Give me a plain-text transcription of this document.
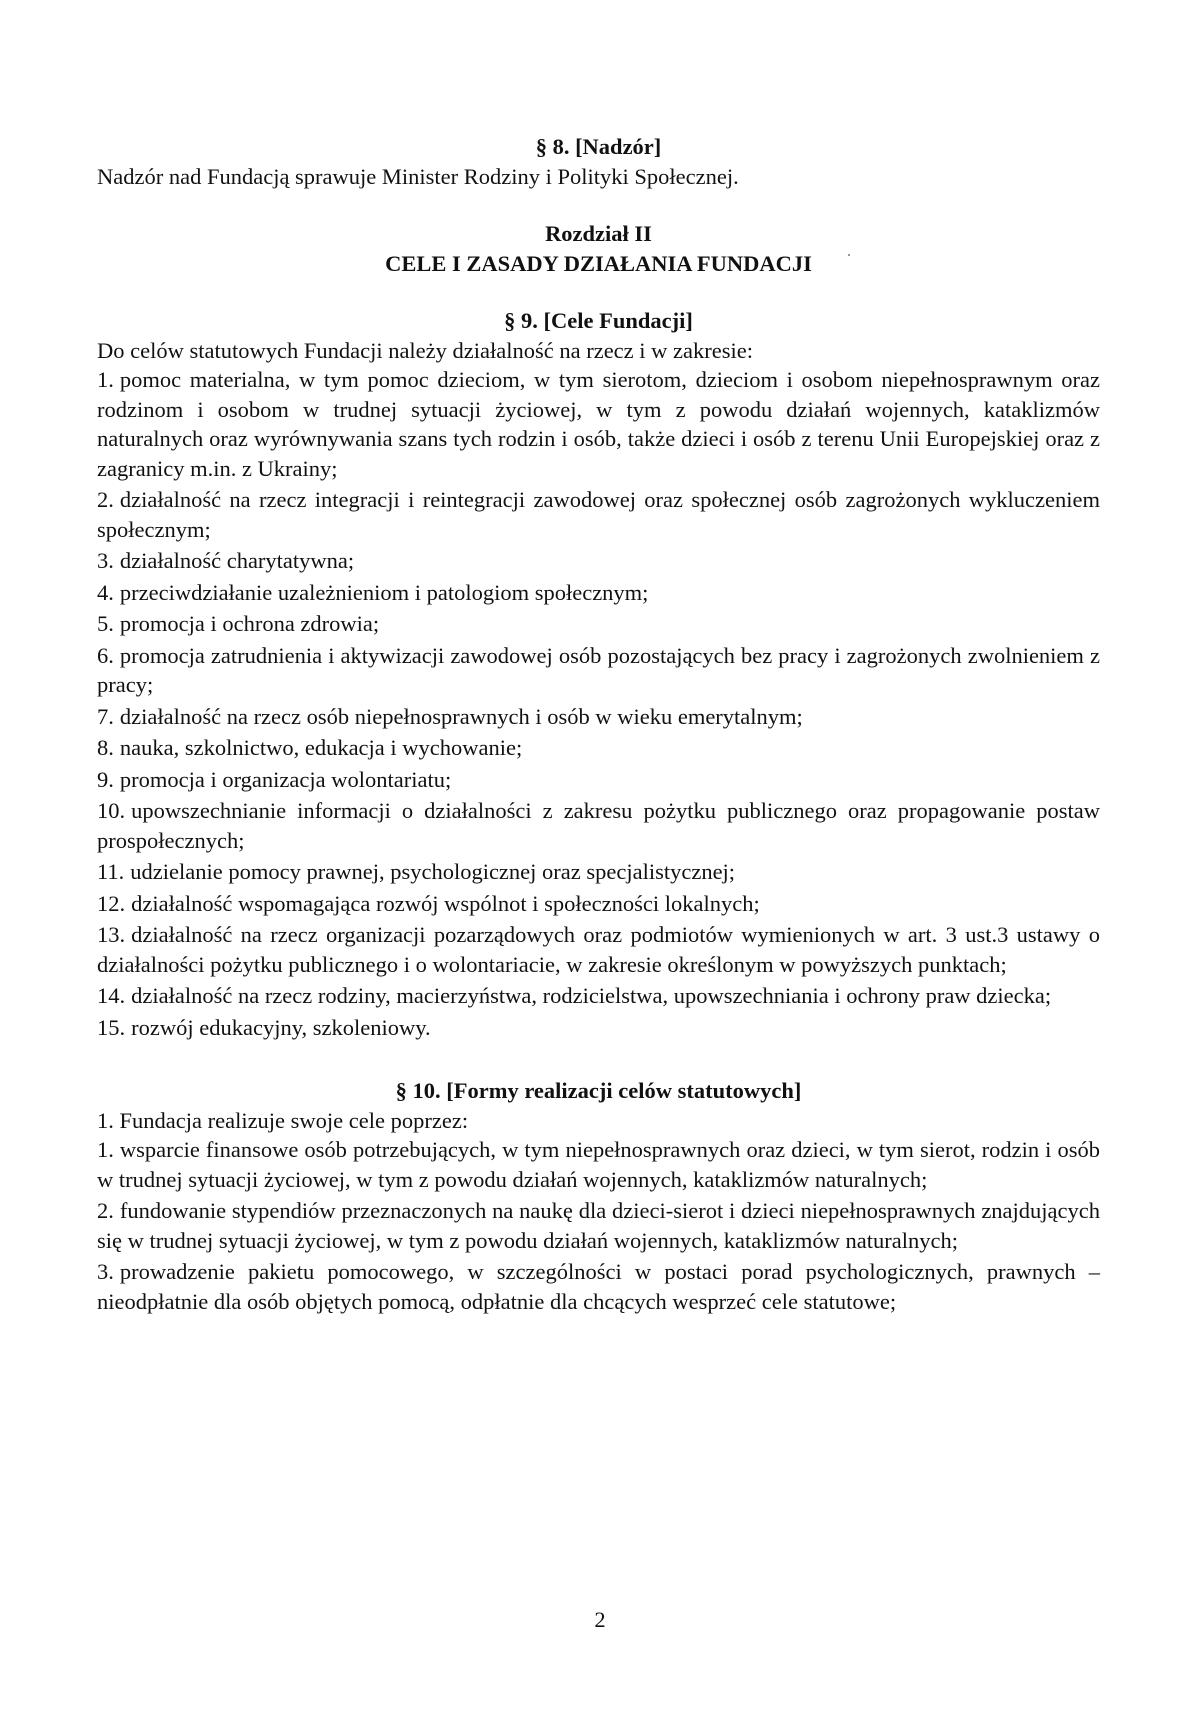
§ 8. [Nadzór]
Nadzór nad Fundacją sprawuje Minister Rodziny i Polityki Społecznej.
Rozdział II
CELE I ZASADY DZIAŁANIA FUNDACJI
§ 9. [Cele Fundacji]
Do celów statutowych Fundacji należy działalność na rzecz i w zakresie:
1. pomoc materialna, w tym pomoc dzieciom, w tym sierotom, dzieciom i osobom niepełnosprawnym oraz rodzinom i osobom w trudnej sytuacji życiowej, w tym z powodu działań wojennych, kataklizmów naturalnych oraz wyrównywania szans tych rodzin i osób, także dzieci i osób z terenu Unii Europejskiej oraz z zagranicy m.in. z Ukrainy;
2. działalność na rzecz integracji i reintegracji zawodowej oraz społecznej osób zagrożonych wykluczeniem społecznym;
3. działalność charytatywna;
4. przeciwdziałanie uzależnieniom i patologiom społecznym;
5. promocja i ochrona zdrowia;
6. promocja zatrudnienia i aktywizacji zawodowej osób pozostających bez pracy i zagrożonych zwolnieniem z pracy;
7. działalność na rzecz osób niepełnosprawnych i osób w wieku emerytalnym;
8. nauka, szkolnictwo, edukacja i wychowanie;
9. promocja i organizacja wolontariatu;
10. upowszechnianie informacji o działalności z zakresu pożytku publicznego oraz propagowanie postaw prospołecznych;
11. udzielanie pomocy prawnej, psychologicznej oraz specjalistycznej;
12. działalność wspomagająca rozwój wspólnot i społeczności lokalnych;
13. działalność na rzecz organizacji pozarządowych oraz podmiotów wymienionych w art. 3 ust.3 ustawy o działalności pożytku publicznego i o wolontariacie, w zakresie określonym w powyższych punktach;
14. działalność na rzecz rodziny, macierzyństwa, rodzicielstwa, upowszechniania i ochrony praw dziecka;
15. rozwój edukacyjny, szkoleniowy.
§ 10. [Formy realizacji celów statutowych]
1. Fundacja realizuje swoje cele poprzez:
1. wsparcie finansowe osób potrzebujących, w tym niepełnosprawnych oraz dzieci, w tym sierot, rodzin i osób w trudnej sytuacji życiowej, w tym z powodu działań wojennych, kataklizmów naturalnych;
2. fundowanie stypendiów przeznaczonych na naukę dla dzieci-sierot i dzieci niepełnosprawnych znajdujących się w trudnej sytuacji życiowej, w tym z powodu działań wojennych, kataklizmów naturalnych;
3. prowadzenie pakietu pomocowego, w szczególności w postaci porad psychologicznych, prawnych – nieodpłatnie dla osób objętych pomocą, odpłatnie dla chcących wesprzeć cele statutowe;
2
